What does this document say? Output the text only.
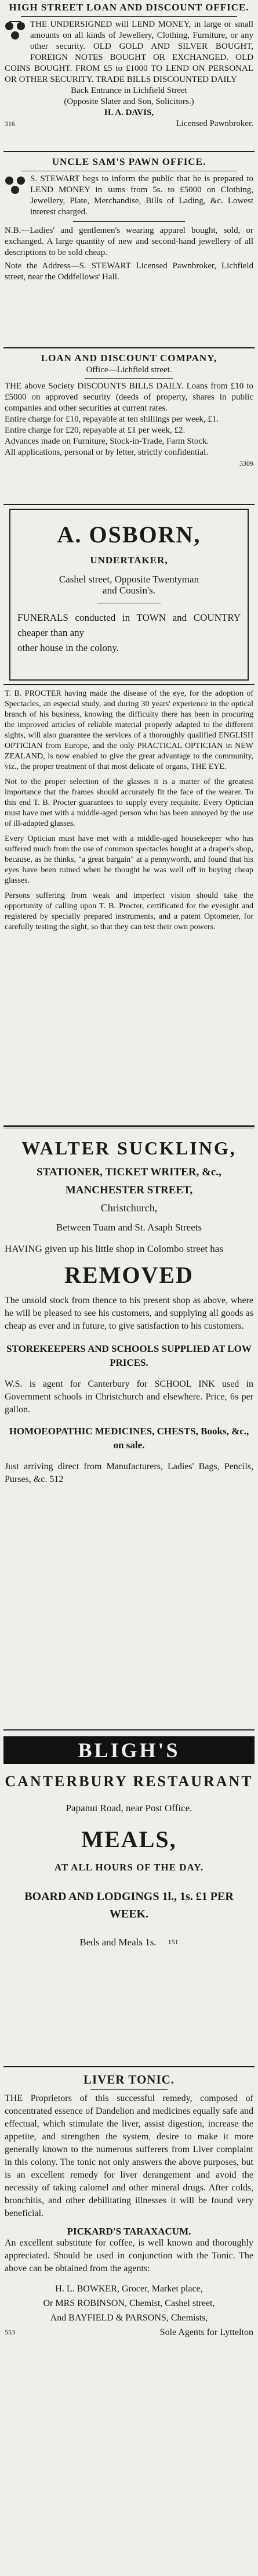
HIGH STREET LOAN AND DISCOUNT OFFICE.
THE UNDERSIGNED will LEND MONEY, in large or small amounts on all kinds of Jewellery, Clothing, Furniture, or any other security. OLD GOLD AND SILVER BOUGHT, FOREIGN NOTES BOUGHT OR EXCHANGED. OLD COINS BOUGHT. FROM £5 to £1000 TO LEND ON PERSONAL OR OTHER SECURITY. TRADE BILLS DISCOUNTED DAILY
Back Entrance in Lichfield Street
(Opposite Slater and Son, Solicitors.)
H. A. DAVIS,
316	Licensed Pawnbroker.
UNCLE SAM'S PAWN OFFICE.
S. STEWART begs to inform the public that he is prepared to LEND MONEY in sums from 5s. to £5000 on Clothing, Jewellery, Plate, Merchandise, Bills of Lading, &c. Lowest interest charged.
N.B.—Ladies' and gentlemen's wearing apparel bought, sold, or exchanged. A large quantity of new and second-hand jewellery of all descriptions to be sold cheap.
Note the Address—S. STEWART Licensed Pawnbroker, Lichfield street, near the Oddfellows' Hall.
LOAN AND DISCOUNT COMPANY,
Office—Lichfield street.
THE above Society DISCOUNTS BILLS DAILY. Loans from £10 to £5000 on approved security (deeds of property, shares in public companies and other securities at current rates.
Entire charge for £10, repayable at ten shillings per week, £1.
Entire charge for £20, repayable at £1 per week, £2.
Advances made on Furniture, Stock-in-Trade, Farm Stock.
All applications, personal or by letter, strictly confidential.
3309
A. OSBORN,
UNDERTAKER,
Cashel street, Opposite Twentyman
and Cousin's.
FUNERALS conducted in TOWN and COUNTRY cheaper than any
other house in the colony.
T. B. PROCTER having made the disease of the eye, for the adoption of Spectacles, an especial study, and during 30 years' experience in the optical branch of his business, knowing the difficulty there has been in procuring the improved articles of reliable material properly adapted to the different sights, will also guarantee the services of a thoroughly qualified ENGLISH OPTICIAN from Europe, and the only PRACTICAL OPTICIAN in NEW ZEALAND, is now enabled to give the great advantage to the community, viz., the proper treatment of that most delicate of organs, THE EYE.
Not to the proper selection of the glasses it is a matter of the greatest importance that the frames should accurately fit the face of the wearer. To this end T. B. Procter guarantees to supply every requisite. Every Optician must have met with a middle-aged person who has been annoyed by the use of ill-adapted glasses.
Every Optician must have met with a middle-aged housekeeper who has suffered much from the use of common spectacles bought at a draper's shop, because, as he thinks, "a great bargain" at a pennyworth, and found that his eyes have been ruined when he thought he was well off in buying cheap glasses.
Persons suffering from weak and imperfect vision should take the opportunity of calling upon T. B. Procter, certificated for the eyesight and registered by specially prepared instruments, and a patent Optometer, for carefully testing the sight, so that they can test their own powers.
WALTER SUCKLING,
STATIONER, TICKET WRITER, &c.,
MANCHESTER STREET,
Christchurch,
Between Tuam and St. Asaph Streets
HAVING given up his little shop in Colombo street has
REMOVED
The unsold stock from thence to his present shop as above, where he will be pleased to see his customers, and supplying all goods as cheap as ever and in future, to give satisfaction to his customers.
STOREKEEPERS AND SCHOOLS SUPPLIED AT LOW PRICES.
W.S. is agent for Canterbury for SCHOOL INK used in Government schools in Christchurch and elsewhere. Price, 6s per gallon.
HOMOEOPATHIC MEDICINES, CHESTS, Books, &c., on sale.
Just arriving direct from Manufacturers, Ladies' Bags, Pencils, Purses, &c. 512
BLIGH'S
CANTERBURY RESTAURANT
Papanui Road, near Post Office.
MEALS,
AT ALL HOURS OF THE DAY.
BOARD AND LODGINGS 1l., 1s. £1 PER WEEK.
Beds and Meals 1s. 151
LIVER TONIC.
THE Proprietors of this successful remedy, composed of concentrated essence of Dandelion and medicines equally safe and effectual, which stimulate the liver, assist digestion, increase the appetite, and strengthen the system, desire to make it more generally known to the numerous sufferers from Liver complaint in this colony. The tonic not only answers the above purposes, but is an excellent remedy for liver derangement and avoid the necessity of taking calomel and other mineral drugs. After colds, bronchitis, and other debilitating illnesses it will be found very beneficial.
PICKARD'S TARAXACUM.
An excellent substitute for coffee, is well known and thoroughly appreciated. Should be used in conjunction with the Tonic. The above can be obtained from the agents:
H. L. BOWKER, Grocer, Market place,
Or MRS ROBINSON, Chemist, Cashel street,
And BAYFIELD & PARSONS, Chemists,
553	Sole Agents for Lyttelton
